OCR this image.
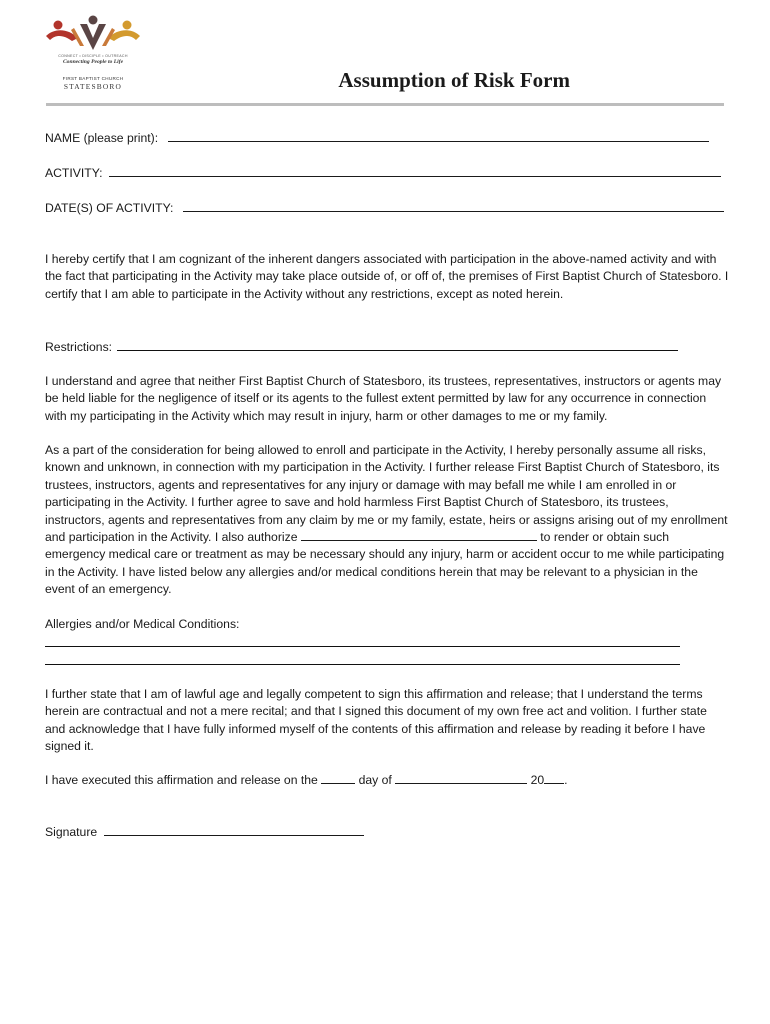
CONNECT • DISCIPLE • OUTREACH
Connecting People to Life
FIRST BAPTIST CHURCH
STATESBORO	Assumption of Risk Form
NAME (please print):
ACTIVITY:
DATE(S) OF ACTIVITY:
I hereby certify that I am cognizant of the inherent dangers associated with participation in the above-named activity and with the fact that participating in the Activity may take place outside of, or off of, the premises of First Baptist Church of Statesboro. I certify that I am able to participate in the Activity without any restrictions, except as noted herein.
Restrictions:
I understand and agree that neither First Baptist Church of Statesboro, its trustees, representatives, instructors or agents may be held liable for the negligence of itself or its agents to the fullest extent permitted by law for any occurrence in connection with my participating in the Activity which may result in injury, harm or other damages to me or my family.
As a part of the consideration for being allowed to enroll and participate in the Activity, I hereby personally assume all risks, known and unknown, in connection with my participation in the Activity. I further release First Baptist Church of Statesboro, its trustees, instructors, agents and representatives for any injury or damage with may befall me while I am enrolled in or participating in the Activity. I further agree to save and hold harmless First Baptist Church of Statesboro, its trustees, instructors, agents and representatives from any claim by me or my family, estate, heirs or assigns arising out of my enrollment and participation in the Activity. I also authorize	to render or obtain such emergency medical care or treatment as may be necessary should any injury, harm or accident occur to me while participating in the Activity. I have listed below any allergies and/or medical conditions herein that may be relevant to a physician in the event of an emergency.
Allergies and/or Medical Conditions:
I further state that I am of lawful age and legally competent to sign this affirmation and release; that I understand the terms herein are contractual and not a mere recital; and that I signed this document of my own free act and volition. I further state and acknowledge that I have fully informed myself of the contents of this affirmation and release by reading it before I have signed it.
I have executed this affirmation and release on the	day of	20 .
Signature
